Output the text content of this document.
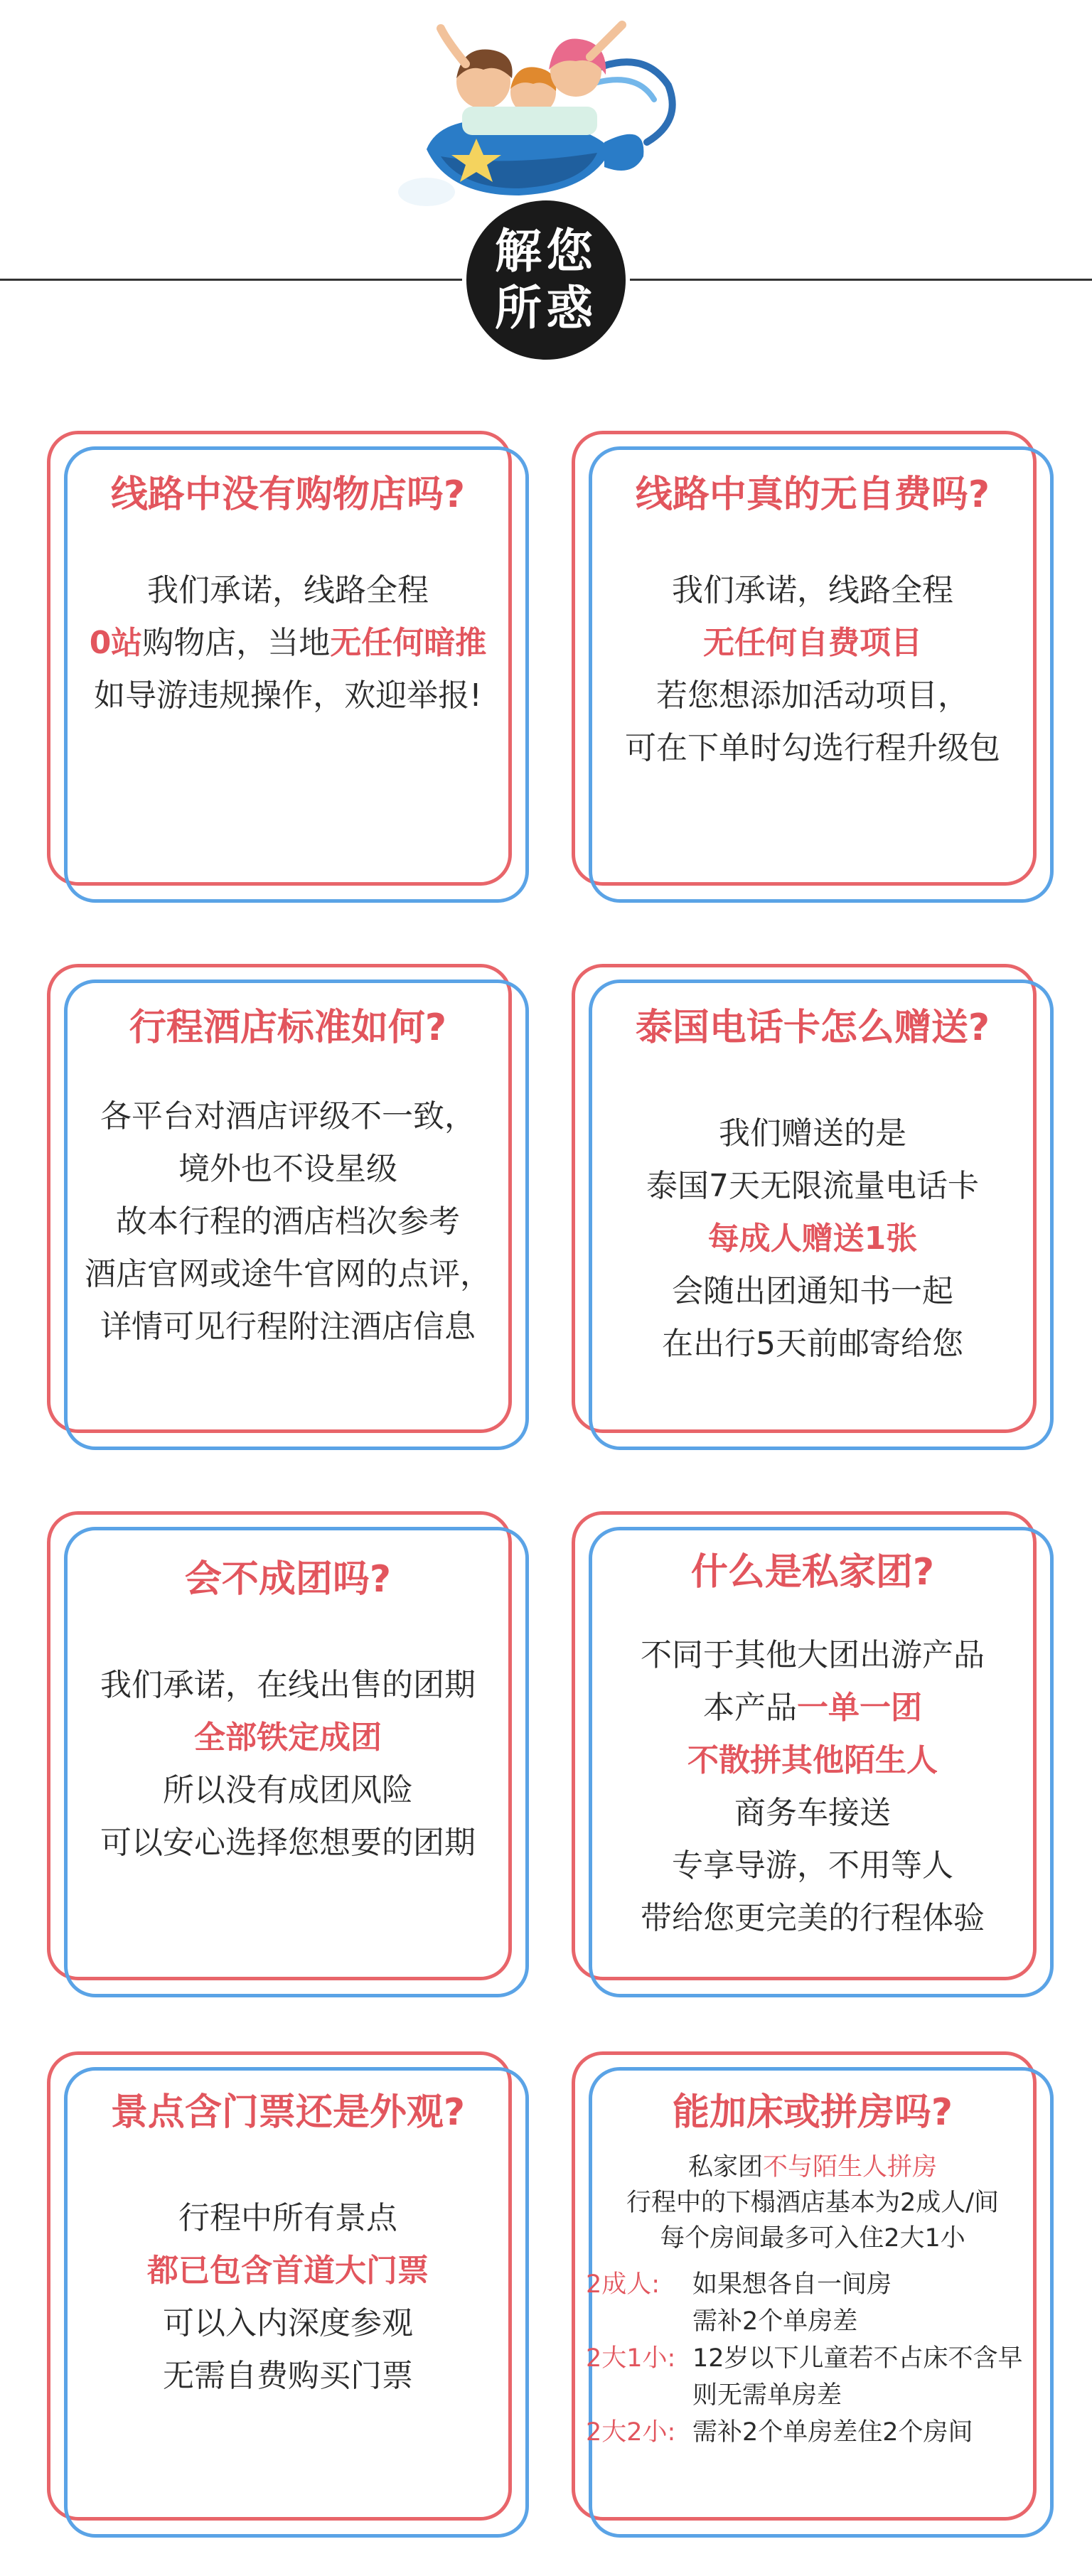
解您
所惑
线路中没有购物店吗?
我们承诺，线路全程
0站购物店，当地无任何暗推
如导游违规操作，欢迎举报!
线路中真的无自费吗?
我们承诺，线路全程
无任何自费项目
若您想添加活动项目，
可在下单时勾选行程升级包
行程酒店标准如何?
各平台对酒店评级不一致，
境外也不设星级
故本行程的酒店档次参考
酒店官网或途牛官网的点评，
详情可见行程附注酒店信息
泰国电话卡怎么赠送?
我们赠送的是
泰国7天无限流量电话卡
每成人赠送1张
会随出团通知书一起
在出行5天前邮寄给您
会不成团吗?
我们承诺，在线出售的团期
全部铁定成团
所以没有成团风险
可以安心选择您想要的团期
什么是私家团?
不同于其他大团出游产品
本产品一单一团
不散拼其他陌生人
商务车接送
专享导游，不用等人
带给您更完美的行程体验
景点含门票还是外观?
行程中所有景点
都已包含首道大门票
可以入内深度参观
无需自费购买门票
能加床或拼房吗?
私家团不与陌生人拼房
行程中的下榻酒店基本为2成人/间
每个房间最多可入住2大1小
2成人:	如果想各自一间房
需补2个单房差
2大1小: 12岁以下儿童若不占床不含早
则无需单房差
2大2小: 需补2个单房差住2个房间
